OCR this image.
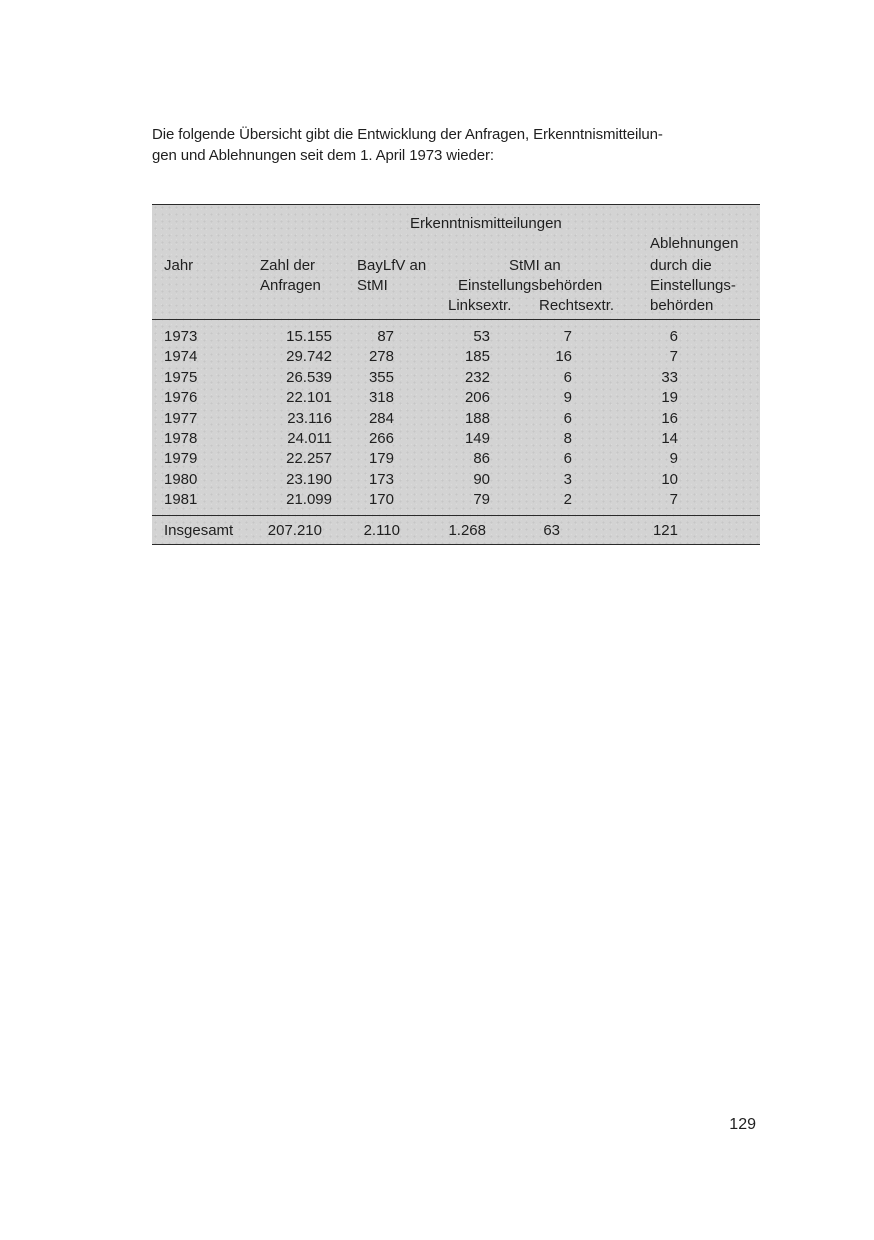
Die folgende Übersicht gibt die Entwicklung der Anfragen, Erkenntnismitteilun-

gen und Ablehnungen seit dem 1. April 1973 wieder:

Erkenntnismitteilungen
Jahr	Zahl der
Anfragen
BayLfV an
StMI
StMI an
Einstellungsbehörden
Linksextr. Rechtsextr.
Ablehnungen
durch die
Einstellungs-
behörden
1973	15.155	87	53	7	6
1974	29.742	278	185	16	7
1975	26.539	355	232	6	33
1976	22.101	318	206	9	19
1977	23.116	284	188	6	16
1978	24.011	266	149	8	14
1979	22.257	179	86	6	9
1980	23.190	173	90	3	10
1981	21.099	170	79	2	7
Insgesamt	207.210	2.110	1.268	63	121
129
